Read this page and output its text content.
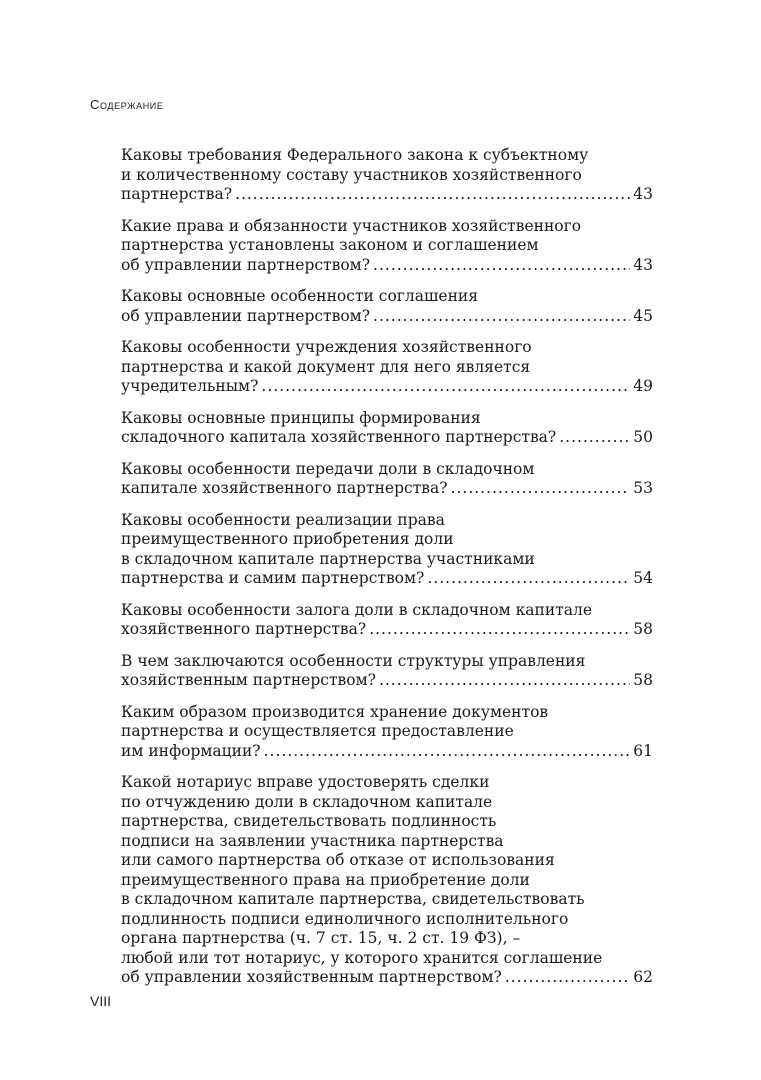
Содержание
Каковы требования Федерального закона к субъектному
и количественному составу участников хозяйственного
партнерства? .....	43
Какие права и обязанности участников хозяйственного
партнерства установлены законом и соглашением
об управлении партнерством? .....	43
Каковы основные особенности соглашения
об управлении партнерством? .....	45
Каковы особенности учреждения хозяйственного
партнерства и какой документ для него является
учредительным? .....	49
Каковы основные принципы формирования
складочного капитала хозяйственного партнерства? .....	50
Каковы особенности передачи доли в складочном
капитале хозяйственного партнерства? .....	53
Каковы особенности реализации права
преимущественного приобретения доли
в складочном капитале партнерства участниками
партнерства и самим партнерством? .....	54
Каковы особенности залога доли в складочном капитале
хозяйственного партнерства? .....	58
В чем заключаются особенности структуры управления
хозяйственным партнерством? .....	58
Каким образом производится хранение документов
партнерства и осуществляется предоставление
им информации? .....	61
Какой нотариус вправе удостоверять сделки
по отчуждению доли в складочном капитале
партнерства, свидетельствовать подлинность
подписи на заявлении участника партнерства
или самого партнерства об отказе от использования
преимущественного права на приобретение доли
в складочном капитале партнерства, свидетельствовать
подлинность подписи единоличного исполнительного
органа партнерства (ч. 7 ст. 15, ч. 2 ст. 19 ФЗ), –
любой или тот нотариус, у которого хранится соглашение
об управлении хозяйственным партнерством? .....	62
VIII
